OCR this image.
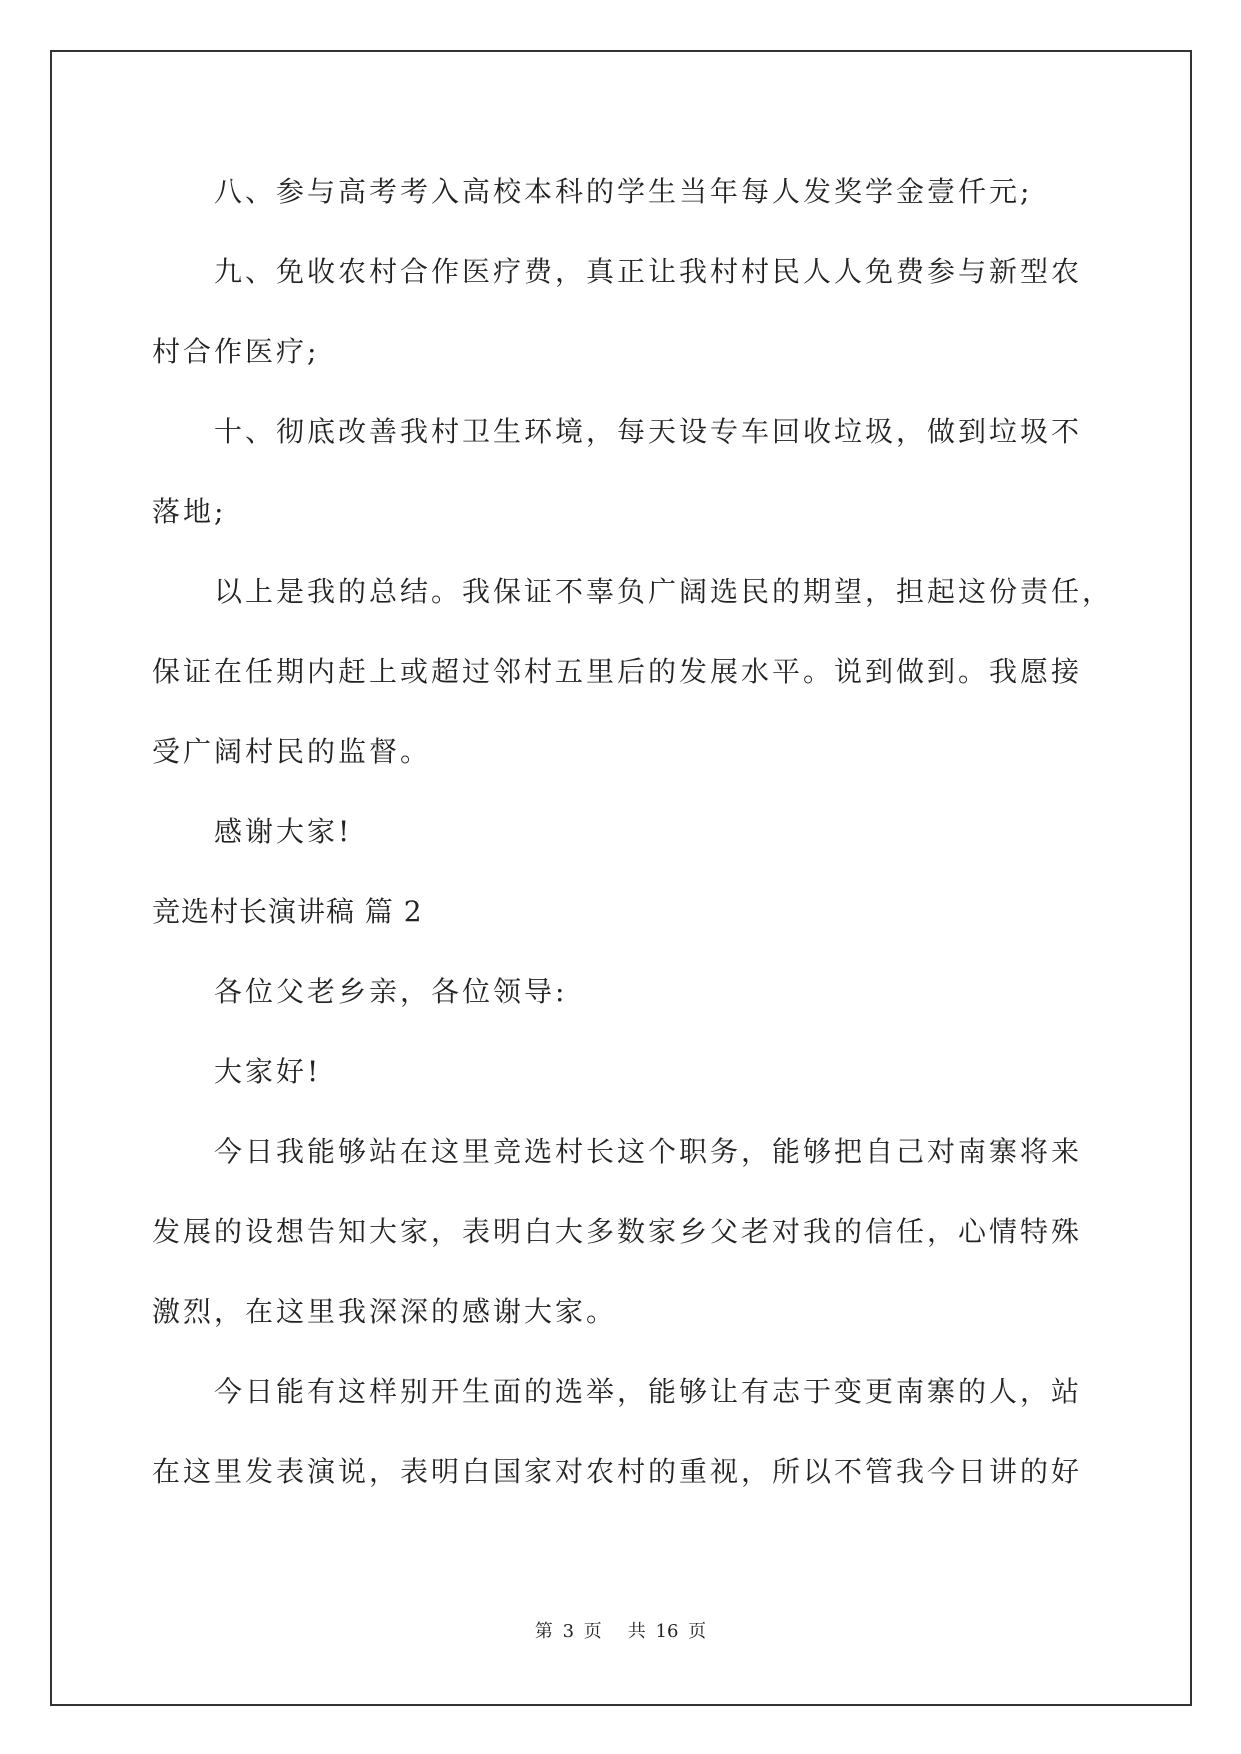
八、参与高考考入高校本科的学生当年每人发奖学金壹仟元;
九、免收农村合作医疗费，真正让我村村民人人免费参与新型农
村合作医疗;
十、彻底改善我村卫生环境，每天设专车回收垃圾，做到垃圾不
落地;
以上是我的总结。我保证不辜负广阔选民的期望，担起这份责任，
保证在任期内赶上或超过邻村五里后的发展水平。说到做到。我愿接
受广阔村民的监督。
感谢大家!
竞选村长演讲稿 篇 2
各位父老乡亲，各位领导:
大家好!
今日我能够站在这里竞选村长这个职务，能够把自己对南寨将来
发展的设想告知大家，表明白大多数家乡父老对我的信任，心情特殊
激烈，在这里我深深的感谢大家。
今日能有这样别开生面的选举，能够让有志于变更南寨的人，站
在这里发表演说，表明白国家对农村的重视，所以不管我今日讲的好
第 3 页 共 16 页
